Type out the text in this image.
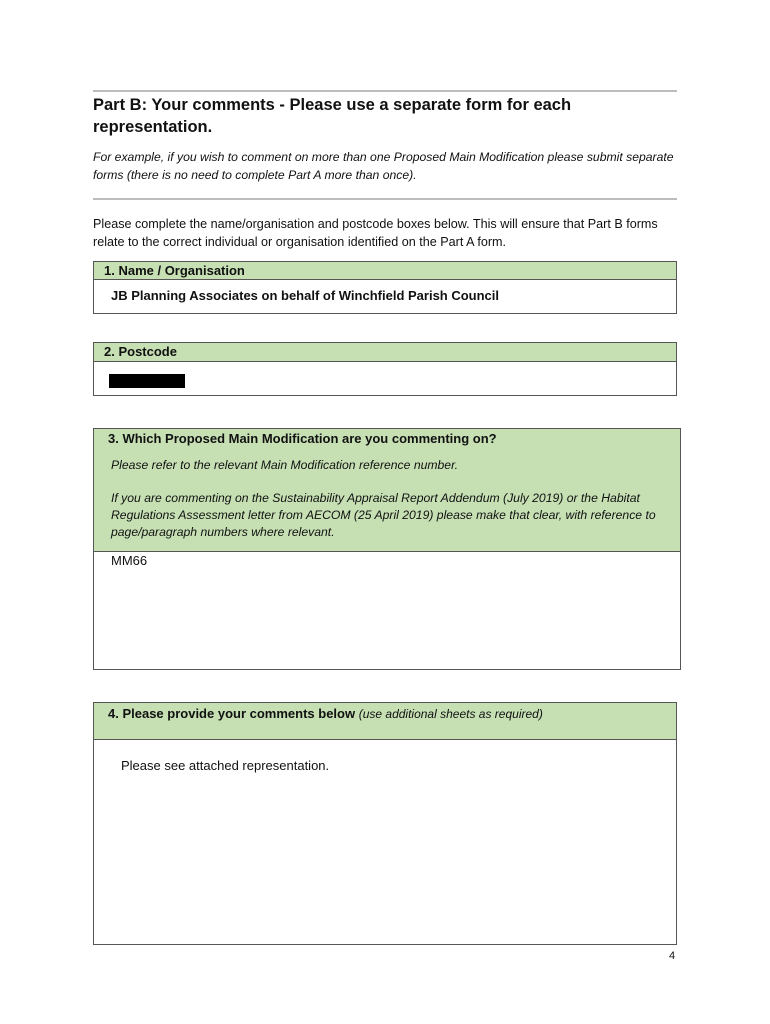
Part B: Your comments - Please use a separate form for each representation.

For example, if you wish to comment on more than one Proposed Main Modification please submit separate forms (there is no need to complete Part A more than once).

Please complete the name/organisation and postcode boxes below. This will ensure that Part B forms relate to the correct individual or organisation identified on the Part A form.

1. Name / Organisation
JB Planning Associates on behalf of Winchfield Parish Council
2. Postcode
3. Which Proposed Main Modification are you commenting on?
Please refer to the relevant Main Modification reference number.
If you are commenting on the Sustainability Appraisal Report Addendum (July 2019) or the Habitat Regulations Assessment letter from AECOM (25 April 2019) please make that clear, with reference to page/paragraph numbers where relevant.
MM66
4. Please provide your comments below (use additional sheets as required)
Please see attached representation.
4
